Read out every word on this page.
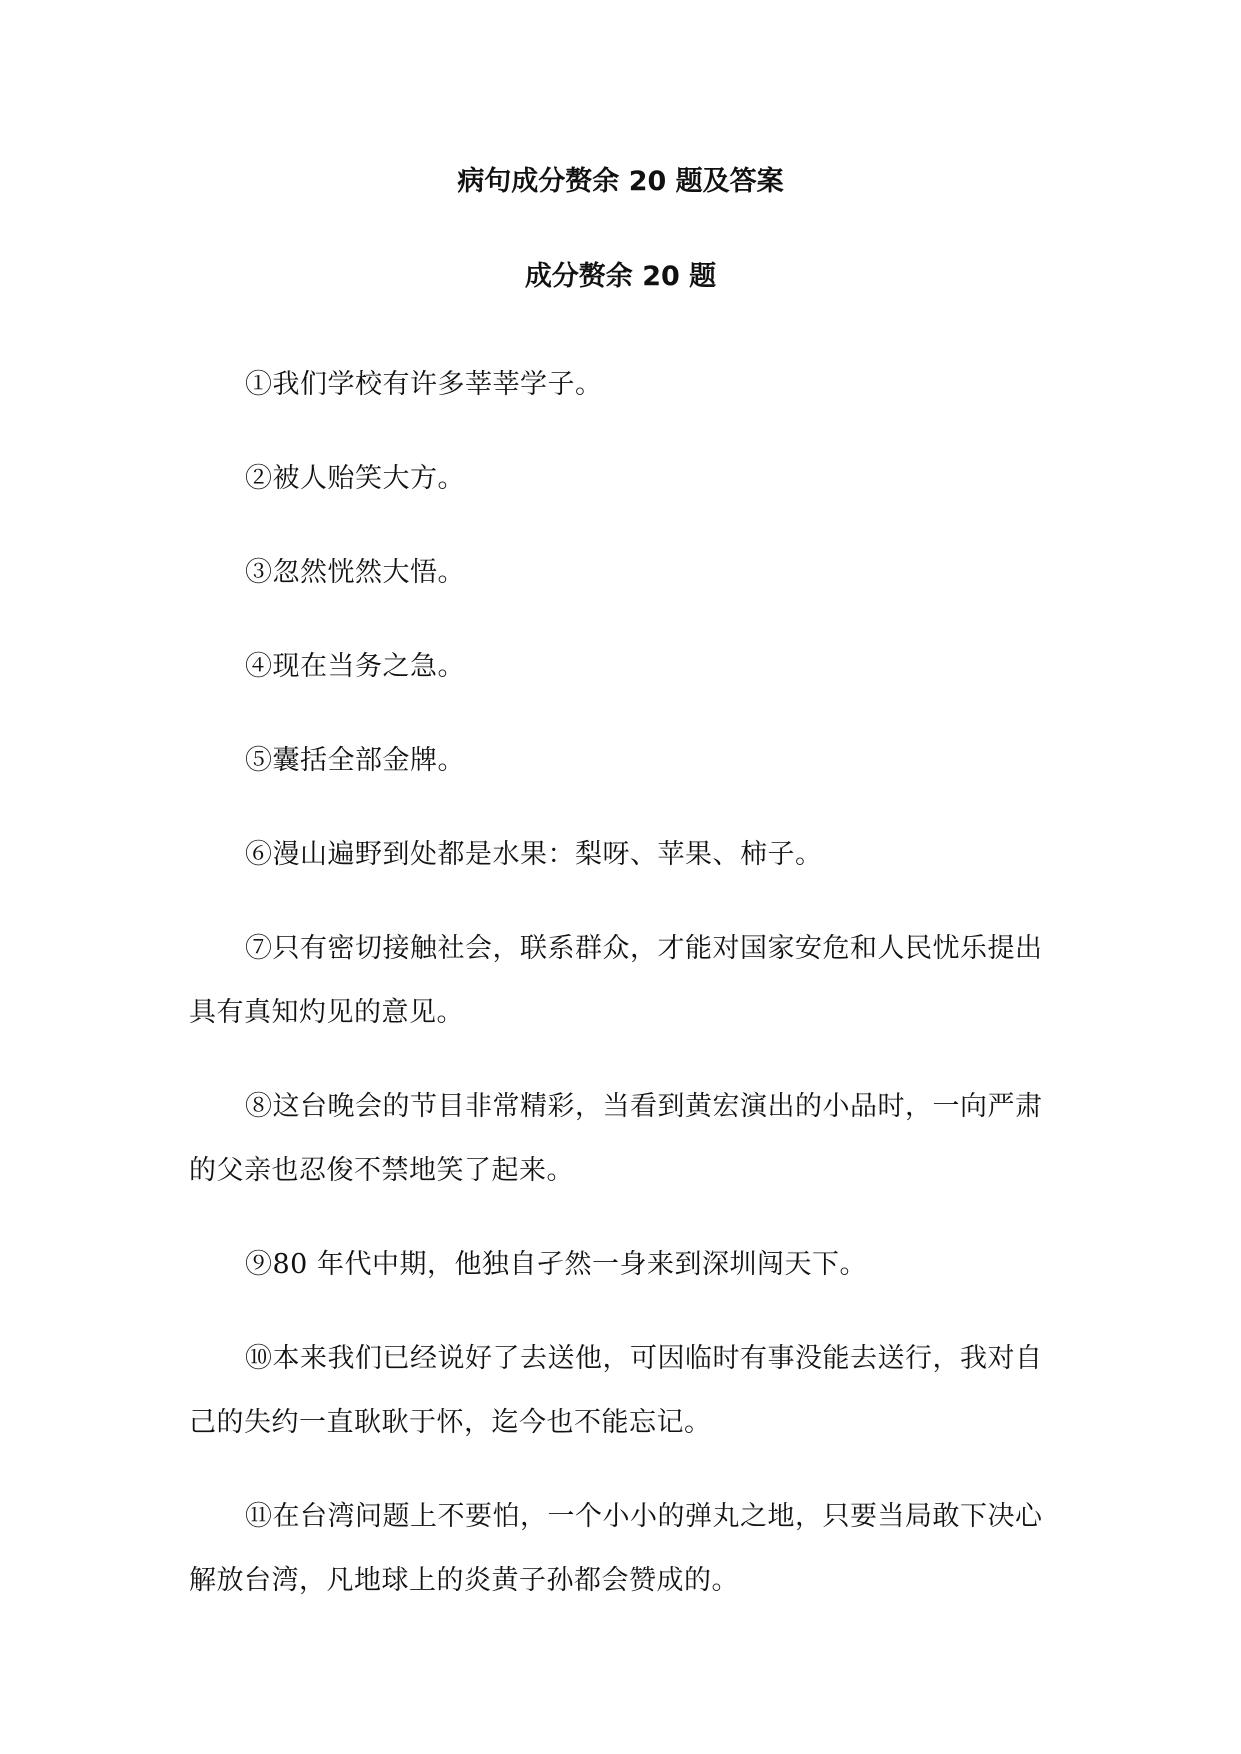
病句成分赘余 20 题及答案
成分赘余 20 题
①我们学校有许多莘莘学子。
②被人贻笑大方。
③忽然恍然大悟。
④现在当务之急。
⑤囊括全部金牌。
⑥漫山遍野到处都是水果：梨呀、苹果、柿子。
⑦只有密切接触社会，联系群众，才能对国家安危和人民忧乐提出具有真知灼见的意见。
⑧这台晚会的节目非常精彩，当看到黄宏演出的小品时，一向严肃的父亲也忍俊不禁地笑了起来。
⑨80 年代中期，他独自孑然一身来到深圳闯天下。
⑩本来我们已经说好了去送他，可因临时有事没能去送行，我对自己的失约一直耿耿于怀，迄今也不能忘记。
⑪在台湾问题上不要怕，一个小小的弹丸之地，只要当局敢下决心解放台湾，凡地球上的炎黄子孙都会赞成的。
